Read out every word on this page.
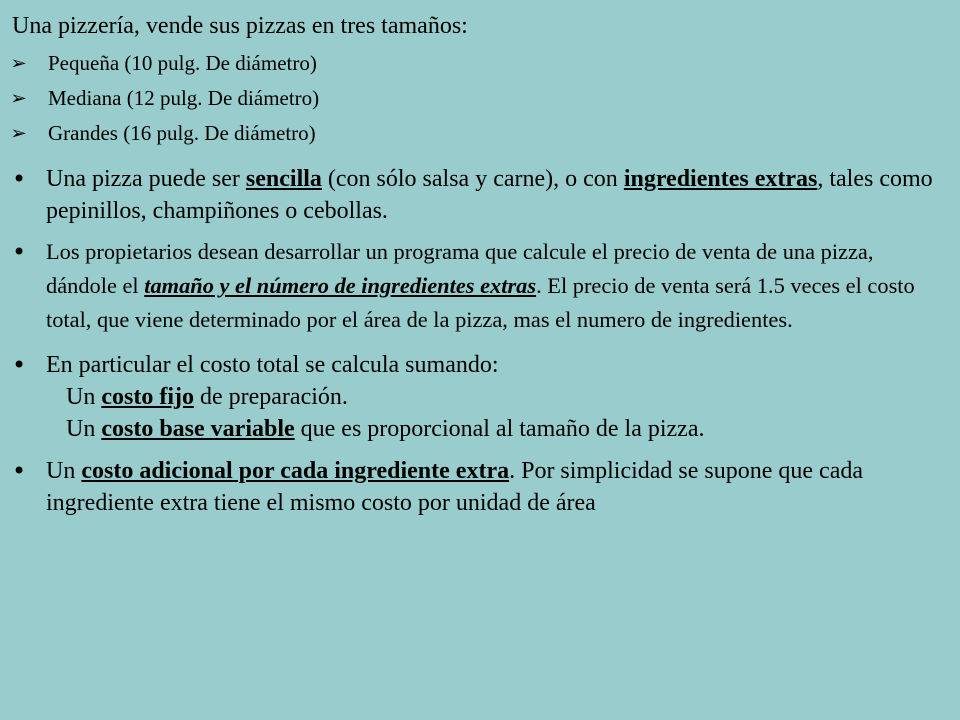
Una pizzería, vende sus pizzas en tres tamaños:
➢	Pequeña (10 pulg. De diámetro)
➢	Mediana (12 pulg. De diámetro)
➢	Grandes (16 pulg. De diámetro)
• Una pizza puede ser sencilla (con sólo salsa y carne), o con ingredientes extras, tales como pepinillos, champiñones o cebollas.
• Los propietarios desean desarrollar un programa que calcule el precio de venta de una pizza, dándole el tamaño y el número de ingredientes extras. El precio de venta será 1.5 veces el costo total, que viene determinado por el área de la pizza, mas el numero de ingredientes.
• En particular el costo total se calcula sumando:
Un costo fijo de preparación.
Un costo base variable que es proporcional al tamaño de la pizza.
• Un costo adicional por cada ingrediente extra. Por simplicidad se supone que cada ingrediente extra tiene el mismo costo por unidad de área
